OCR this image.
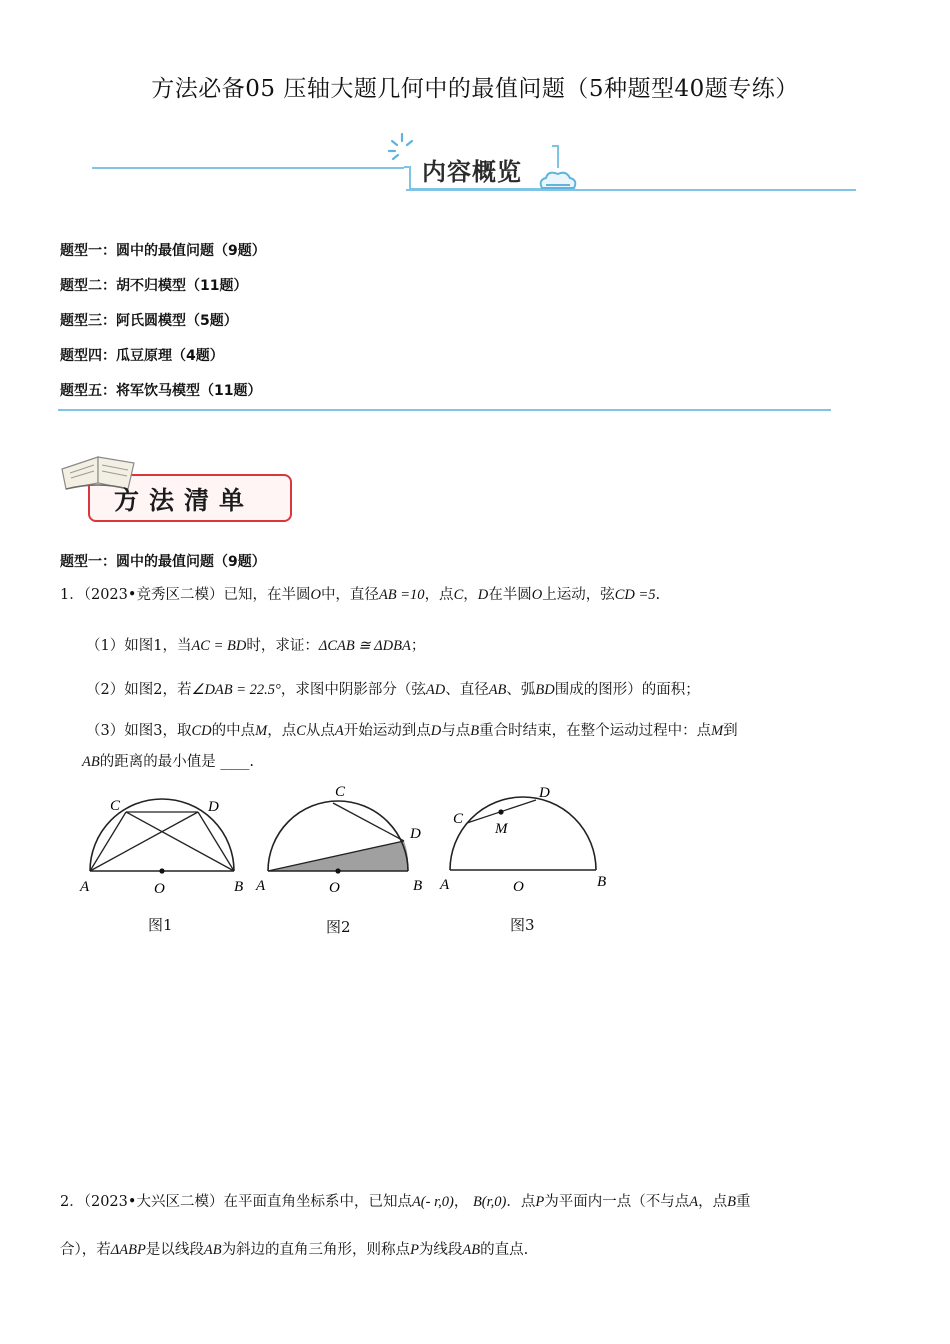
方法必备05 压轴大题几何中的最值问题（5种题型40题专练）
内容概览
题型一：圆中的最值问题（9题）
题型二：胡不归模型（11题）
题型三：阿氏圆模型（5题）
题型四：瓜豆原理（4题）
题型五：将军饮马模型（11题）
方法清单
题型一：圆中的最值问题（9题）
1．（2023•竞秀区二模）已知，在半圆O中，直径AB =10，点C，D在半圆O上运动，弦CD =5.
（1）如图1，当AC = BD时，求证：ΔCAB ≅ ΔDBA；
（2）如图2，若∠DAB = 22.5°，求图中阴影部分（弦AD、直径AB、弧BD围成的图形）的面积；
（3）如图3，取CD的中点M，点C从点A开始运动到点D与点B重合时结束，在整个运动过程中：点M到
AB的距离的最小值是 ____.
C	D
A	O	B
图1
C
D
A	O	B
图2
C
M
D
A	O	B
图3
2．（2023•大兴区二模）在平面直角坐标系中，已知点A(- r,0)， B(r,0)．点P为平面内一点（不与点A，点B重
合），若ΔABP是以线段AB为斜边的直角三角形，则称点P为线段AB的直点.
